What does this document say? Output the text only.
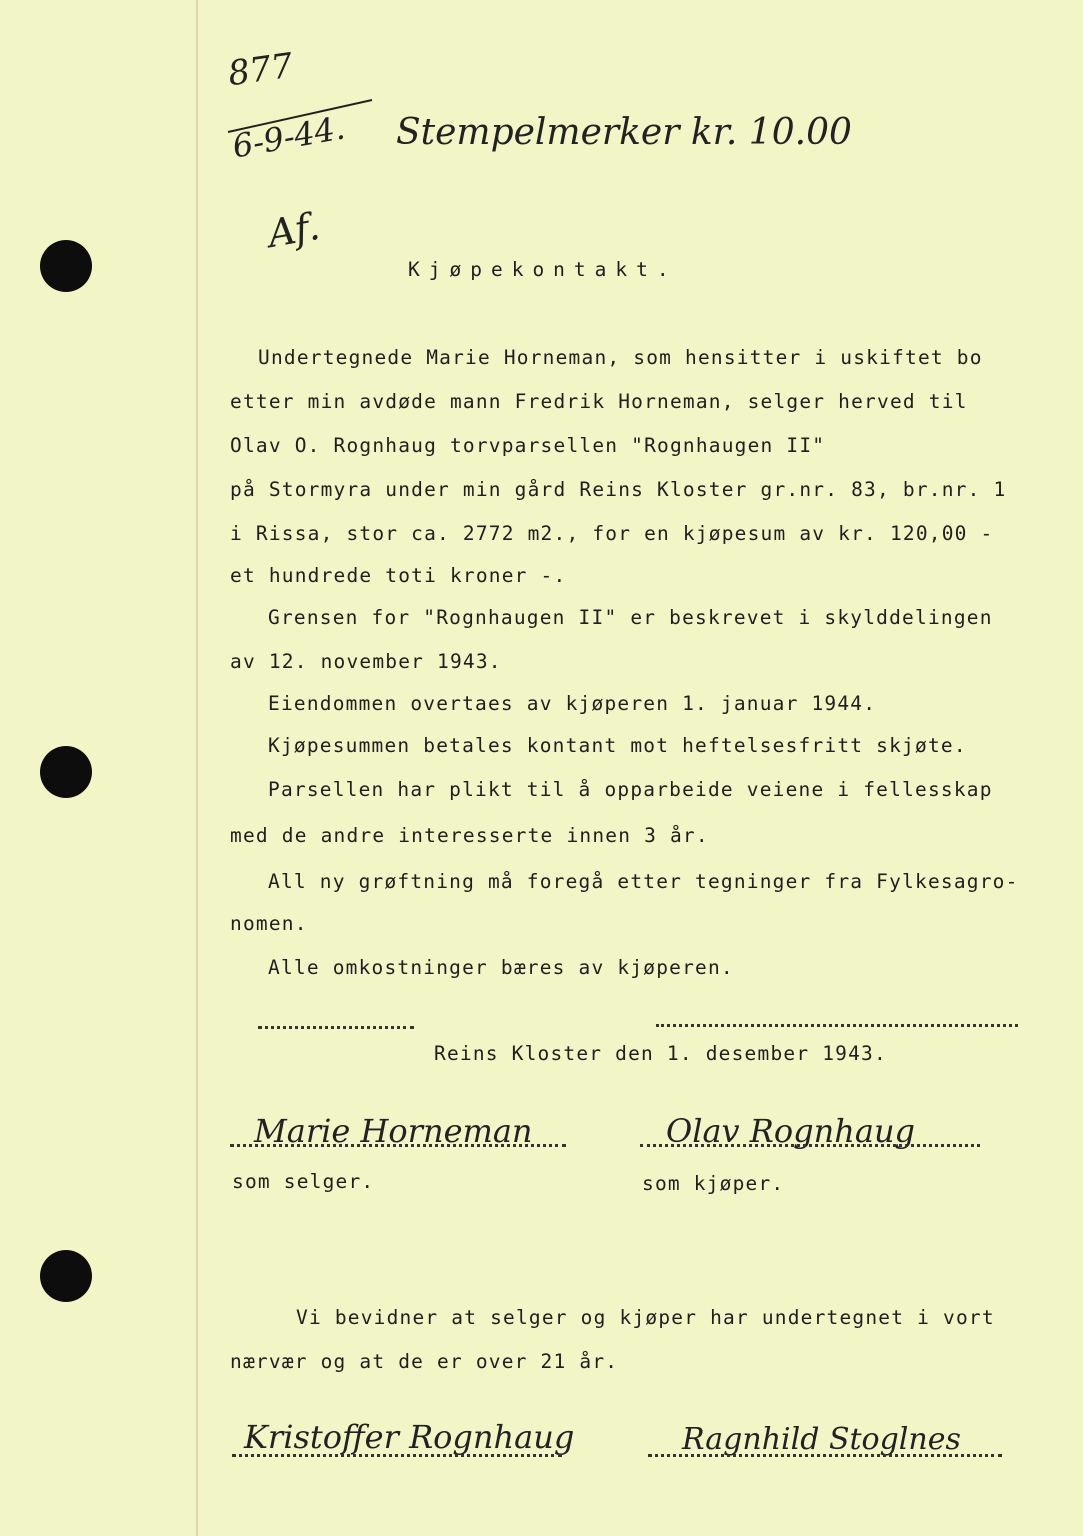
877
6-9-44.
Af.
Stempelmerker kr. 10.00
Kjøpekontakt.
Undertegnede Marie Horneman, som hensitter i uskiftet bo
etter min avdøde mann Fredrik Horneman, selger herved til
Olav O. Rognhaug torvparsellen "Rognhaugen II"
på Stormyra under min gård Reins Kloster gr.nr. 83, br.nr. 1
i Rissa, stor ca. 2772 m2., for en kjøpesum av kr. 120,00 -
et hundrede toti kroner -.
Grensen for "Rognhaugen II" er beskrevet i skylddelingen
av 12. november 1943.
Eiendommen overtaes av kjøperen 1. januar 1944.
Kjøpesummen betales kontant mot heftelsesfritt skjøte.
Parsellen har plikt til å opparbeide veiene i fellesskap
med de andre interesserte innen 3 år.
All ny grøftning må foregå etter tegninger fra Fylkesagro-
nomen.
Alle omkostninger bæres av kjøperen.
Reins Kloster den 1. desember 1943.
Marie Horneman
som selger.
Olav Rognhaug
som kjøper.
Vi bevidner at selger og kjøper har undertegnet i vort
nærvær og at de er over 21 år.
Kristoffer Rognhaug	Ragnhild Stoglnes
